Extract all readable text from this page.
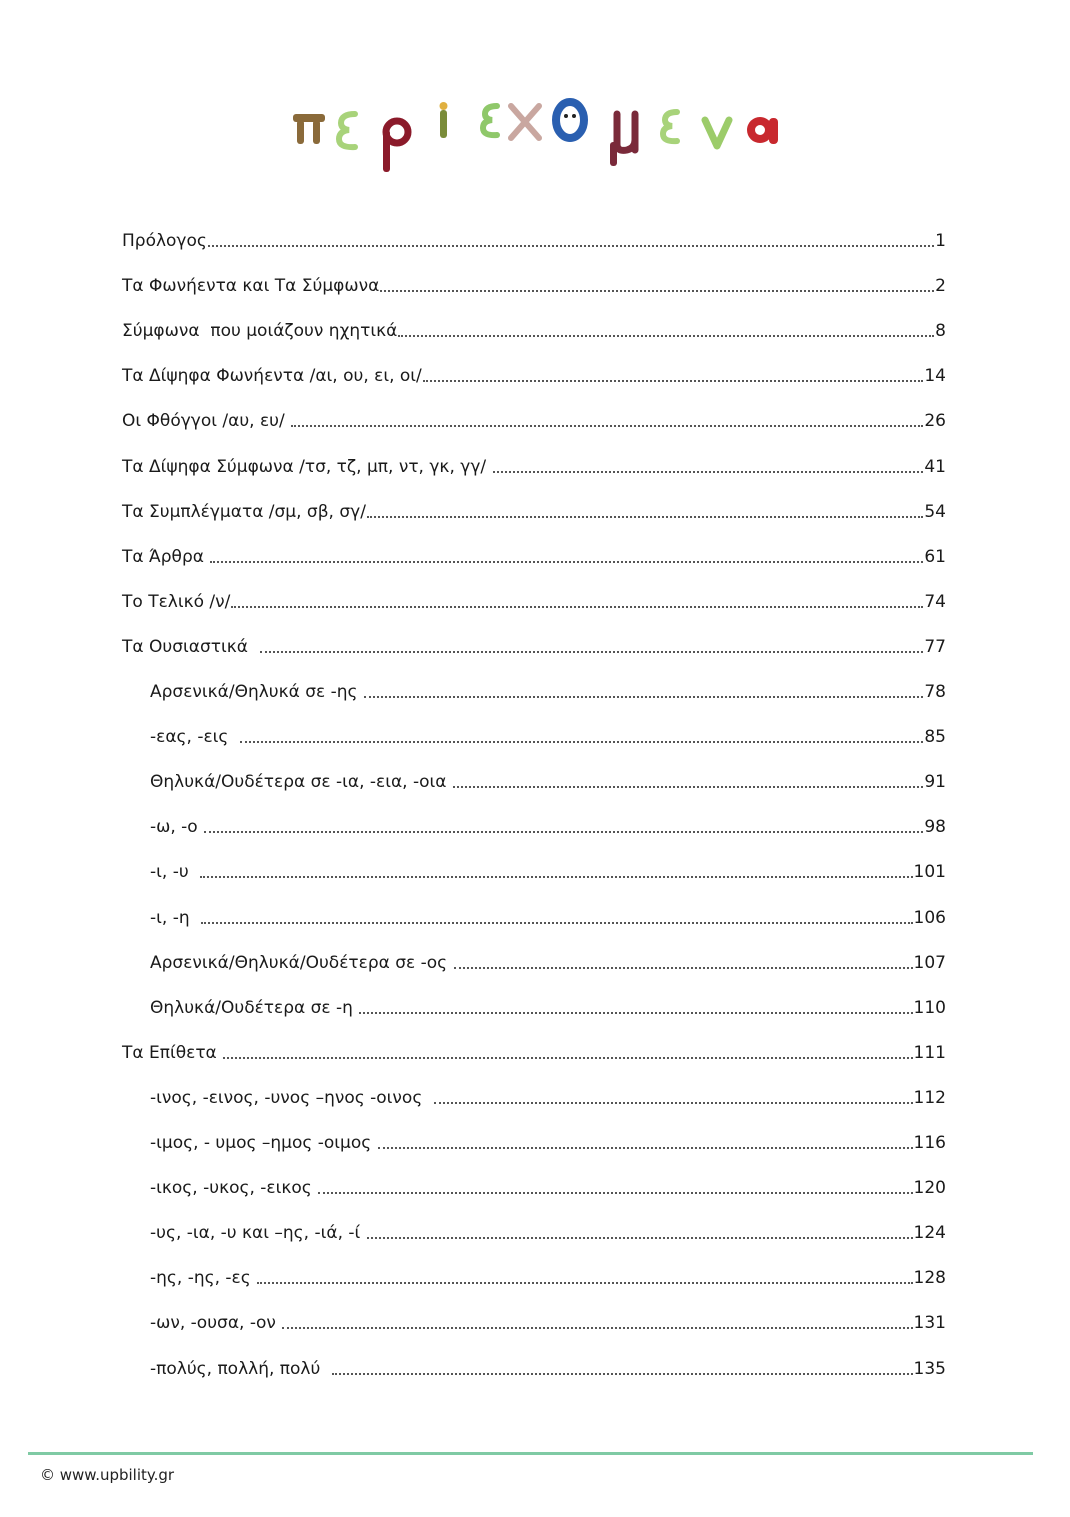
Πρόλογος	1
Τα Φωνήεντα και Τα Σύμφωνα	2
Σύμφωνα  που μοιάζουν ηχητικά	8
Τα Δίψηφα Φωνήεντα /αι, ου, ει, οι/	14
Οι Φθόγγοι /αυ, ευ/	26
Τα Δίψηφα Σύμφωνα /τσ, τζ, μπ, ντ, γκ, γγ/	41
Τα Συμπλέγματα /σμ, σβ, σγ/	54
Τα Άρθρα	61
Το Τελικό /ν/	74
Τα Ουσιαστικά	77
Αρσενικά/Θηλυκά σε -ης	78
-εας, -εις	85
Θηλυκά/Ουδέτερα σε -ια, -εια, -οια	91
-ω, -ο	98
-ι, -υ	101
-ι, -η	106
Αρσενικά/Θηλυκά/Ουδέτερα σε -ος	107
Θηλυκά/Ουδέτερα σε -η	110
Τα Επίθετα	111
-ινος, -εινος, -υνος –ηνος -οινος	112
-ιμος, - υμος –ημος -οιμος	116
-ικος, -υκος, -εικος	120
-υς, -ια, -υ και –ης, -ιά, -ί	124
-ης, -ης, -ες	128
-ων, -ουσα, -ον	131
-πολύς, πολλή, πολύ	135
© www.upbility.gr
